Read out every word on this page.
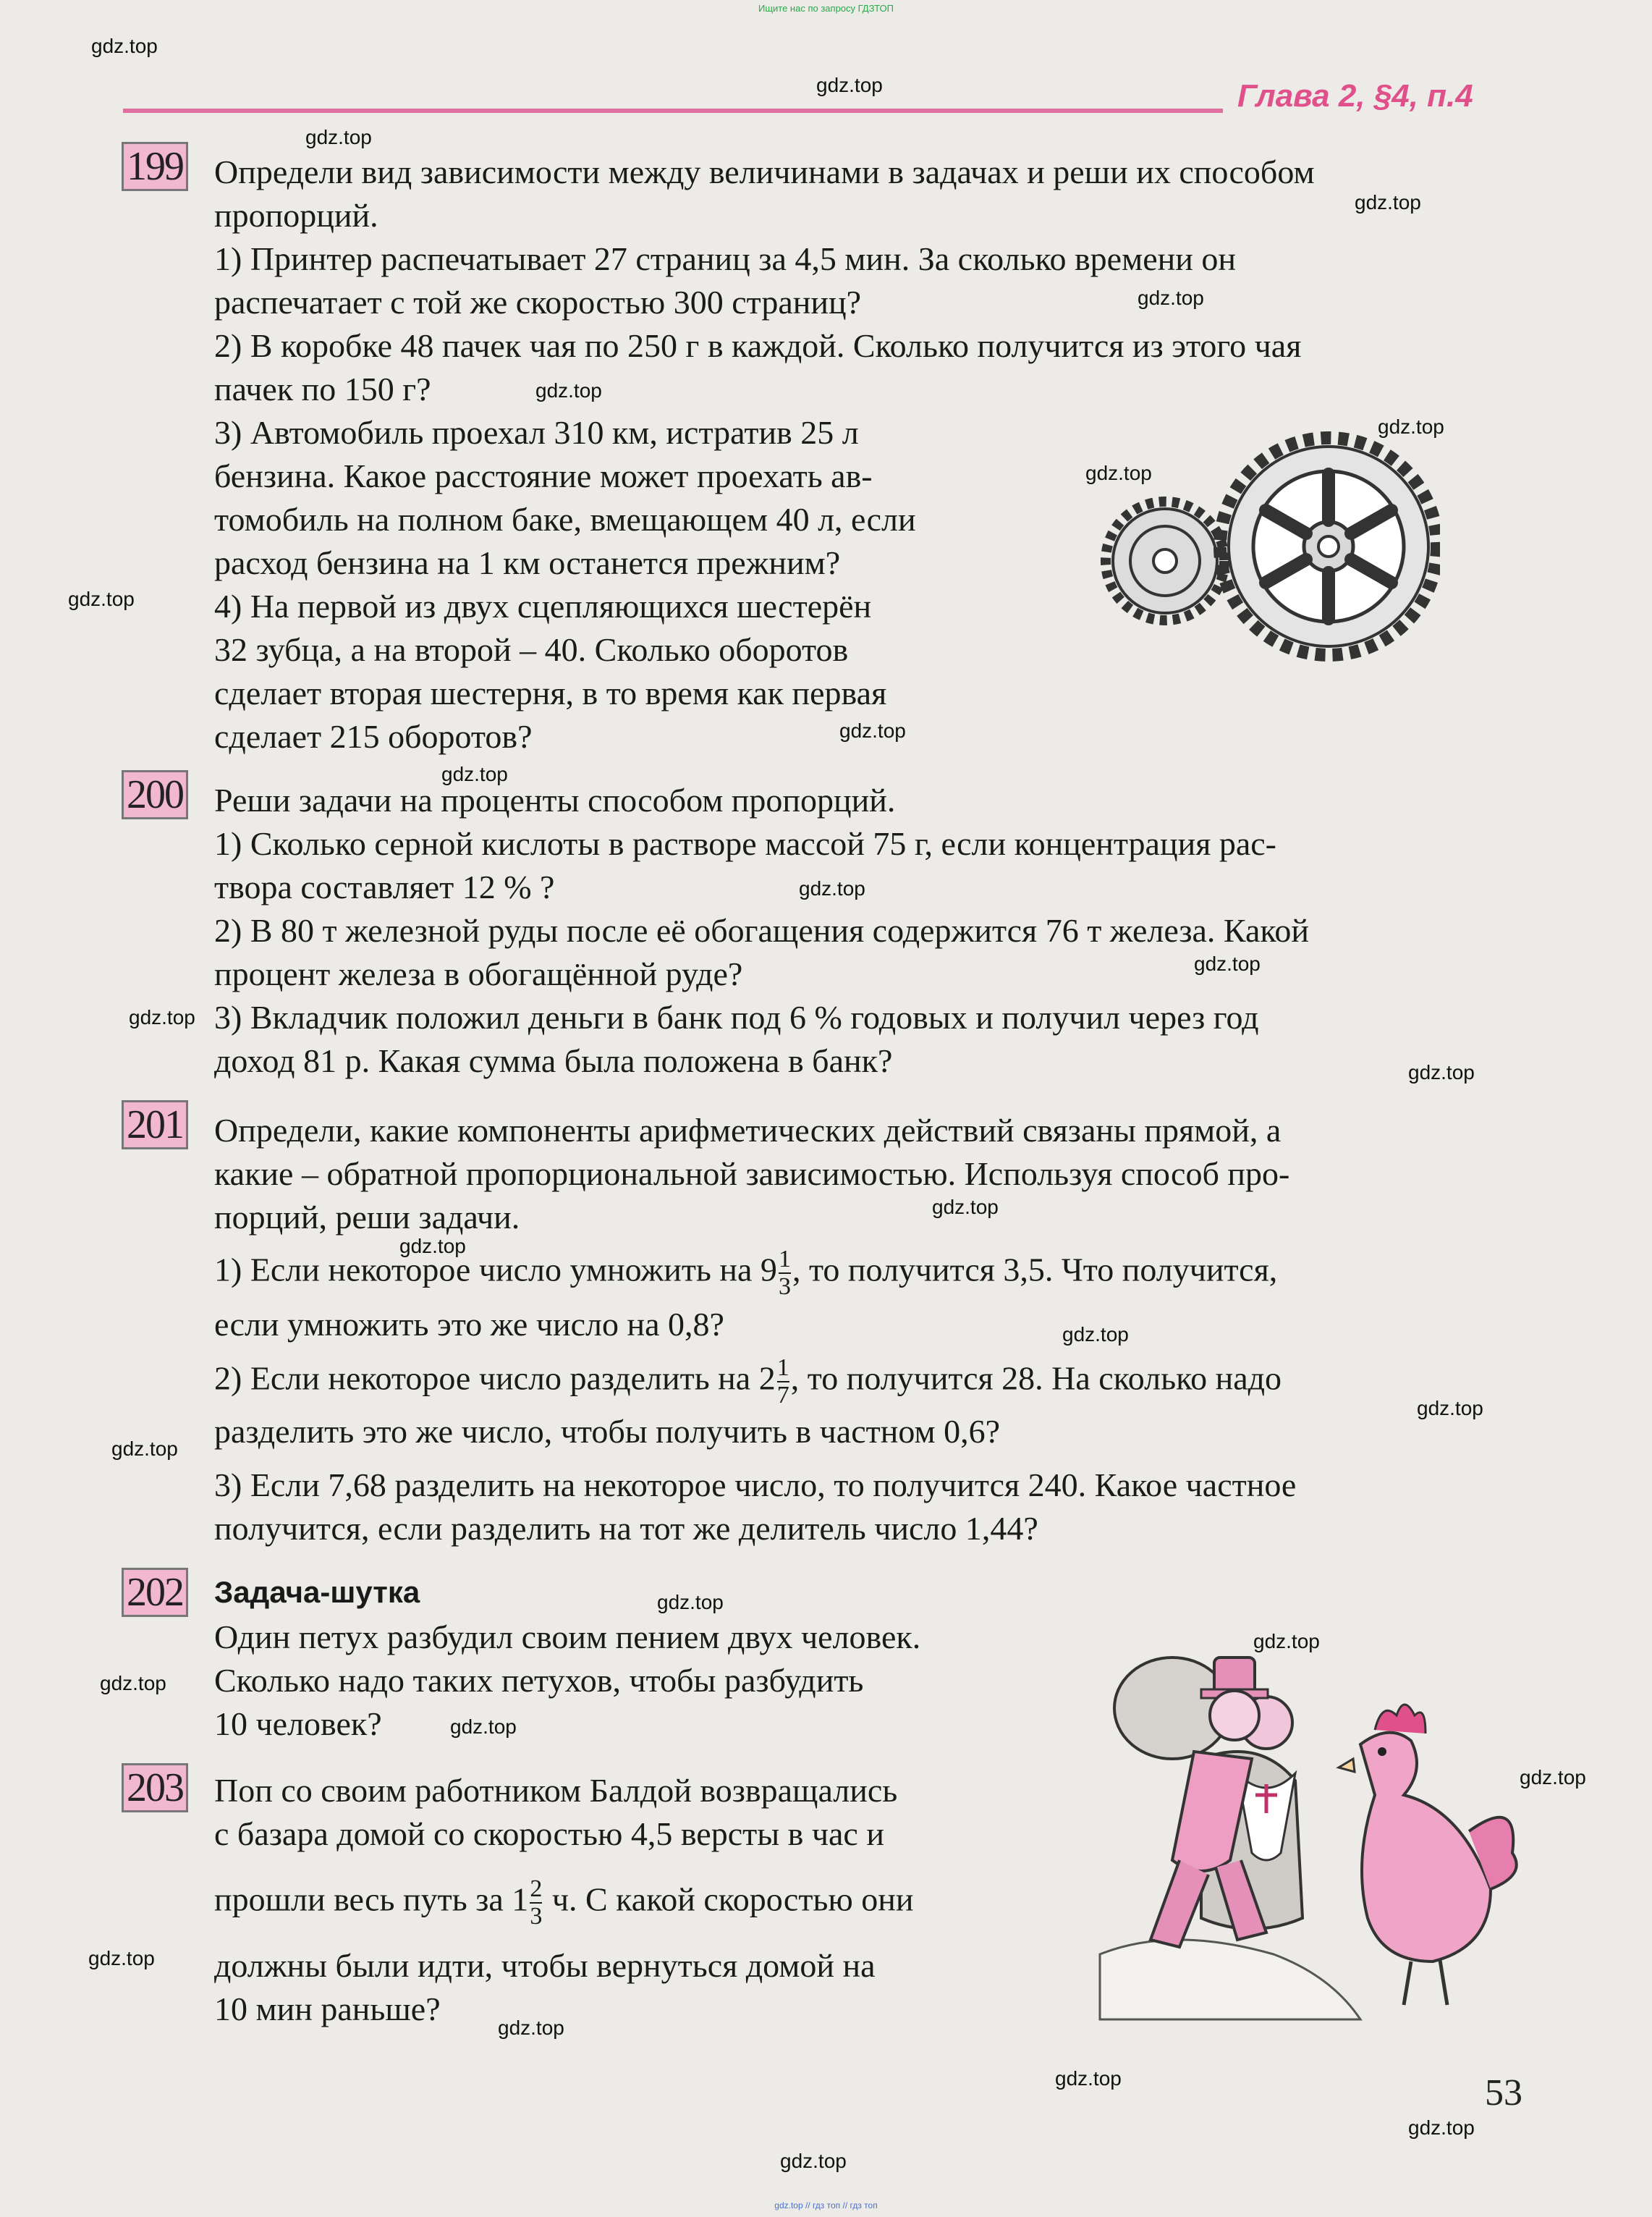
Ищите нас по запросу ГДЗТОП
Глава 2, §4, п.4
gdz.top
gdz.top
gdz.top
gdz.top
gdz.top
gdz.top
gdz.top
gdz.top
gdz.top
gdz.top
gdz.top
gdz.top
gdz.top
gdz.top
gdz.top
gdz.top
gdz.top
gdz.top
gdz.top
gdz.top
gdz.top
gdz.top
gdz.top
gdz.top
gdz.top
gdz.top
gdz.top
gdz.top
gdz.top
gdz.top
199 Определи вид зависимости между величинами в задачах и реши их способом
пропорций.
1) Принтер распечатывает 27 страниц за 4,5 мин. За сколько времени он
распечатает с той же скоростью 300 страниц?
2) В коробке 48 пачек чая по 250 г в каждой. Сколько получится из этого чая
пачек по 150 г?
3) Автомобиль проехал 310 км, истратив 25 л
бензина. Какое расстояние может проехать ав-
томобиль на полном баке, вмещающем 40 л, если
расход бензина на 1 км останется прежним?
4) На первой из двух сцепляющихся шестерён
32 зубца, а на второй – 40. Сколько оборотов
сделает вторая шестерня, в то время как первая
сделает 215 оборотов?
200 Реши задачи на проценты способом пропорций.
1) Сколько серной кислоты в растворе массой 75 г, если концентрация рас-
твора составляет 12 % ?
2) В 80 т железной руды после её обогащения содержится 76 т железа. Какой
процент железа в обогащённой руде?
3) Вкладчик положил деньги в банк под 6 % годовых и получил через год
доход 81 р. Какая сумма была положена в банк?
201 Определи, какие компоненты арифметических действий связаны прямой, а
какие – обратной пропорциональной зависимостью. Используя способ про-
порций, реши задачи.
1) Если некоторое число умножить на $9 \frac{1}{3}$ , то получится 3,5. Что получится,
если умножить это же число на 0,8?
2) Если некоторое число разделить на $2 \frac{1}{7}$ , то получится 28. На сколько надо
разделить это же число, чтобы получить в частном 0,6?
3) Если 7,68 разделить на некоторое число, то получится 240. Какое частное
получится, если разделить на тот же делитель число 1,44?
202 Задача-шутка
Один петух разбудил своим пением двух человек.
Сколько надо таких петухов, чтобы разбудить
10 человек?
203 Поп со своим работником Балдой возвращались
с базара домой со скоростью 4,5 версты в час и
прошли весь путь за $1 \frac{2}{3} ч$. С какой скоростью они
должны были идти, чтобы вернуться домой на
10 мин раньше?
53
gdz.top // гдз топ // гдз топ
